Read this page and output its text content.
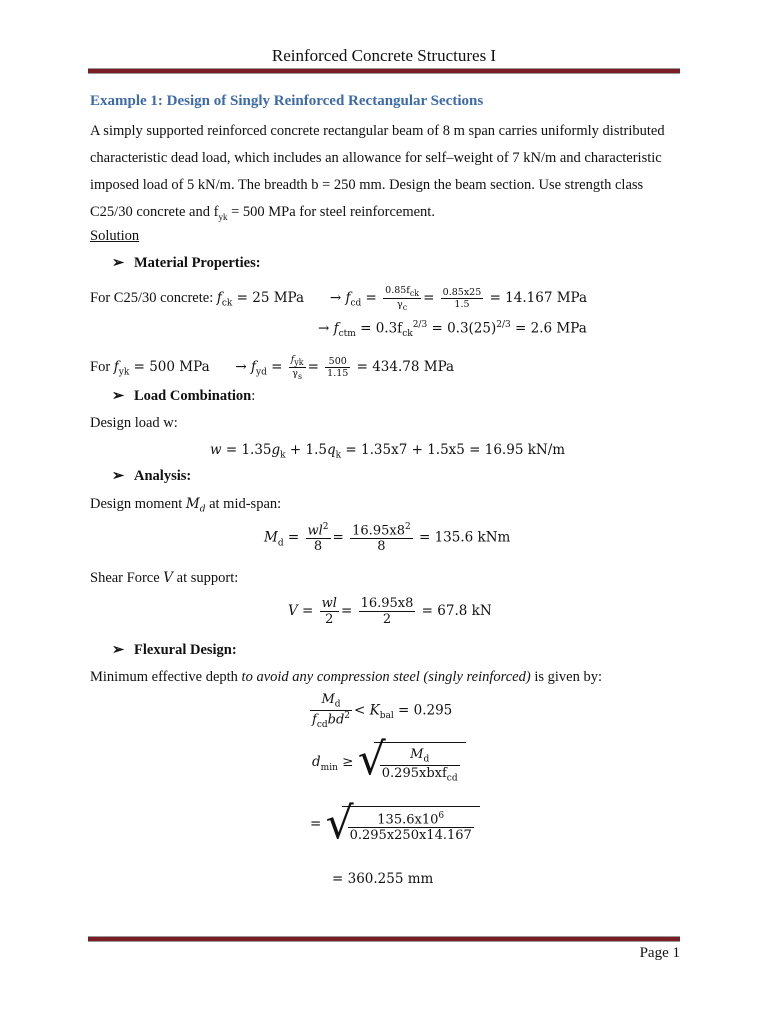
Reinforced Concrete Structures I
Example 1: Design of Singly Reinforced Rectangular Sections
A simply supported reinforced concrete rectangular beam of 8 m span carries uniformly distributed
characteristic dead load, which includes an allowance for self–weight of 7 kN/m and characteristic
imposed load of 5 kN/m. The breadth b = 250 mm. Design the beam section. Use strength class
C25/30 concrete and $f_{yk} = 500$ MPa for steel reinforcement.
Solution
➢ Material Properties:
For C25/30 concrete: $f_{ck} = 25$ MPa      → $f_{cd} = \frac{0.85f_{ck}}{\gamma_c} = \frac{0.85x25}{1.5} = 14.167$ MPa
→ $f_{ctm} = 0.3f_{ck}^{2/3} = 0.3(25)^{2/3} = 2.6$ MPa
For $f_{yk} = 500$ MPa      → $f_{yd} = \frac{f_{yk}}{\gamma_s} = \frac{500}{1.15} = 434.78$ MPa
➢ Load Combination:
Design load w:
$w = 1.35g_k + 1.5q_k = 1.35x7 + 1.5x5 = 16.95$ kN/m
➢ Analysis:
Design moment $M_d$ at mid-span:
$M_d = \frac{wl^2}{8} = \frac{16.95x8^2}{8} = 135.6$ kNm
Shear Force V at support:
$V = \frac{wl}{2} = \frac{16.95x8}{2} = 67.8$ kN
➢ Flexural Design:
Minimum effective depth to avoid any compression steel (singly reinforced) is given by:
$\frac{M_d}{f_{cd}bd^2} < K_{bal} = 0.295$
$d_{min}$ ≥ √
$\frac{M_d}{0.295xbxf_{cd}}$
= √
$\frac{135.6x10^6}{0.295x250x14.167}$
= 360.255 mm
Page 1
